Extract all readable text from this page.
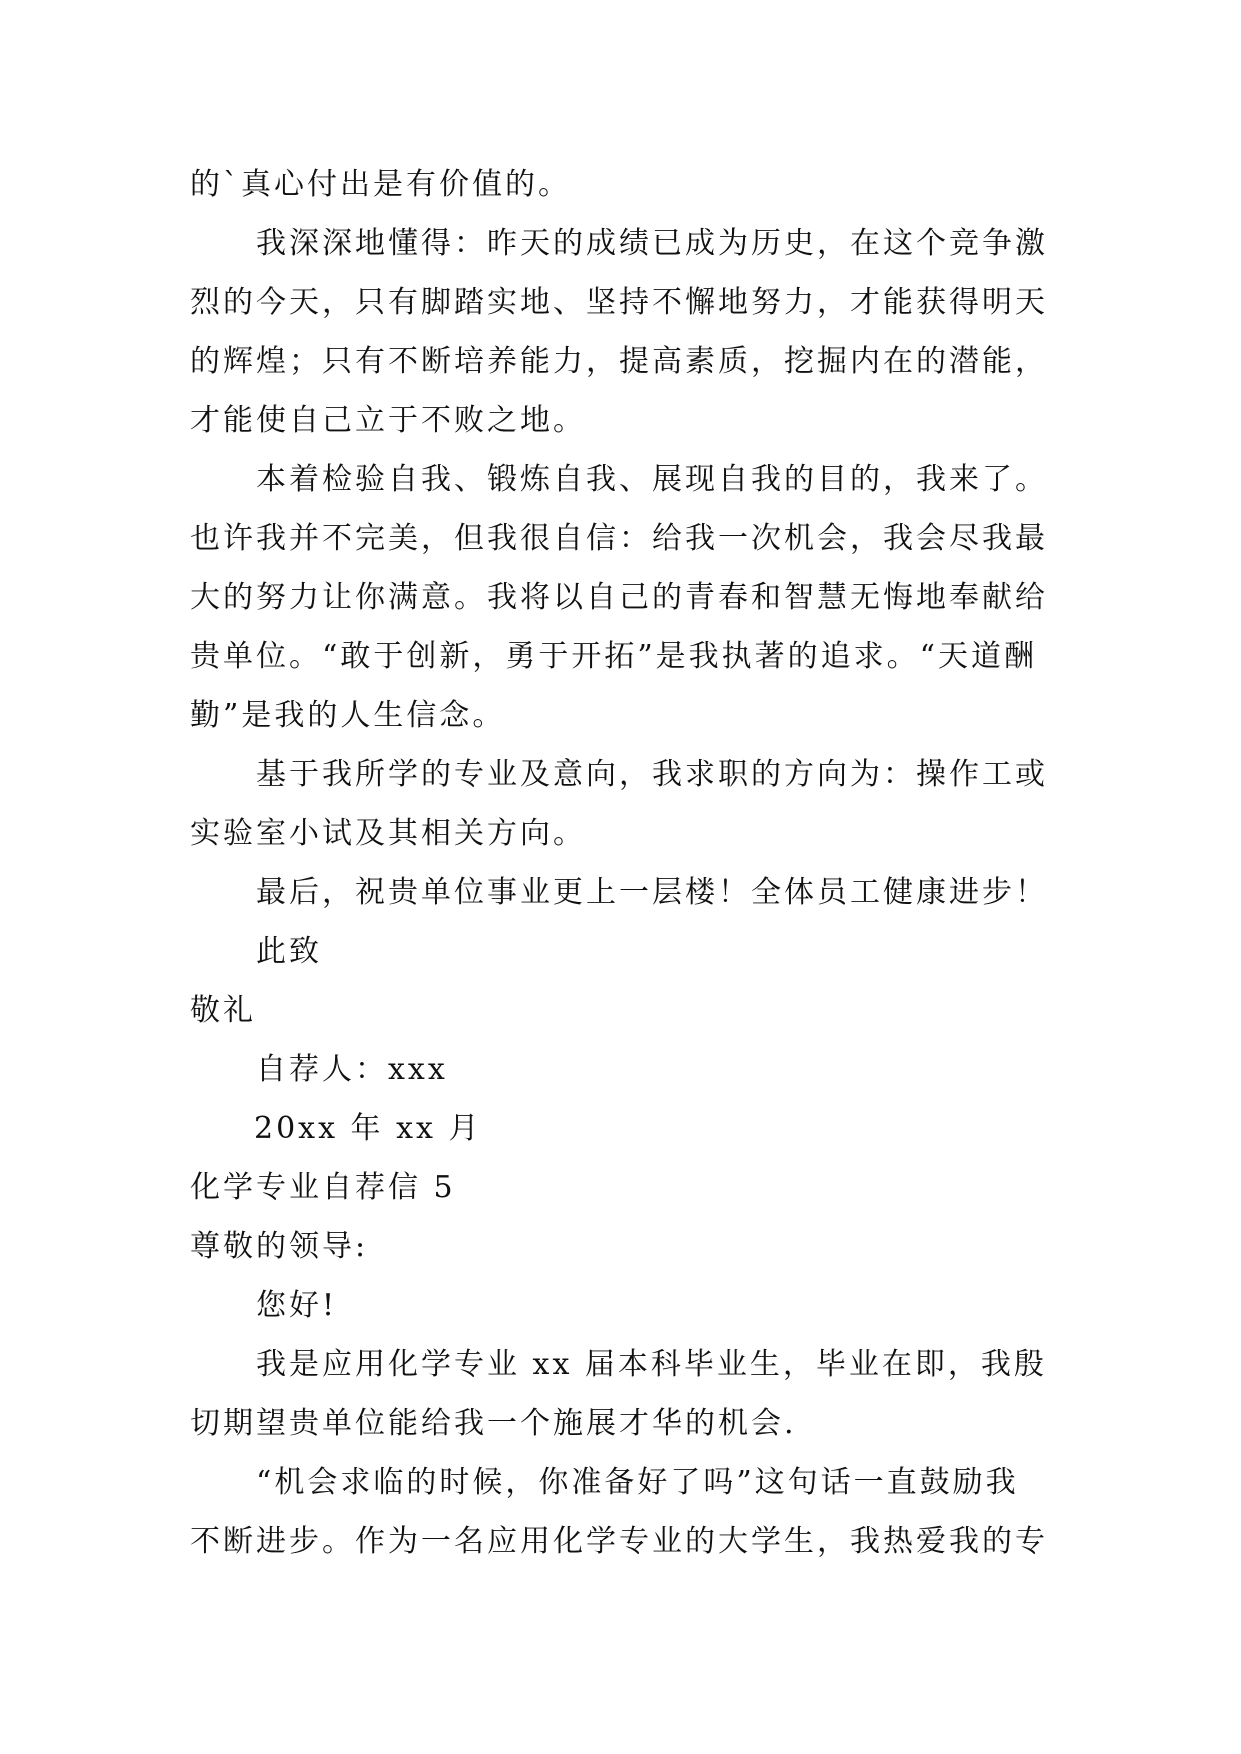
的`真心付出是有价值的。
我深深地懂得：昨天的成绩已成为历史，在这个竞争激
烈的今天，只有脚踏实地、坚持不懈地努力，才能获得明天
的辉煌；只有不断培养能力，提高素质，挖掘内在的潜能，
才能使自己立于不败之地。
本着检验自我、锻炼自我、展现自我的目的，我来了。
也许我并不完美，但我很自信：给我一次机会，我会尽我最
大的努力让你满意。我将以自己的青春和智慧无悔地奉献给
贵单位。“敢于创新，勇于开拓”是我执著的追求。“天道酬
勤”是我的人生信念。
基于我所学的专业及意向，我求职的方向为：操作工或
实验室小试及其相关方向。
最后，祝贵单位事业更上一层楼！全体员工健康进步！
此致
敬礼
自荐人：xxx
20xx 年 xx 月
化学专业自荐信 5
尊敬的领导:
您好!
我是应用化学专业 xx 届本科毕业生，毕业在即，我殷
切期望贵单位能给我一个施展才华的机会.
“机会求临的时候，你准备好了吗”这句话一直鼓励我
不断进步。作为一名应用化学专业的大学生，我热爱我的专
